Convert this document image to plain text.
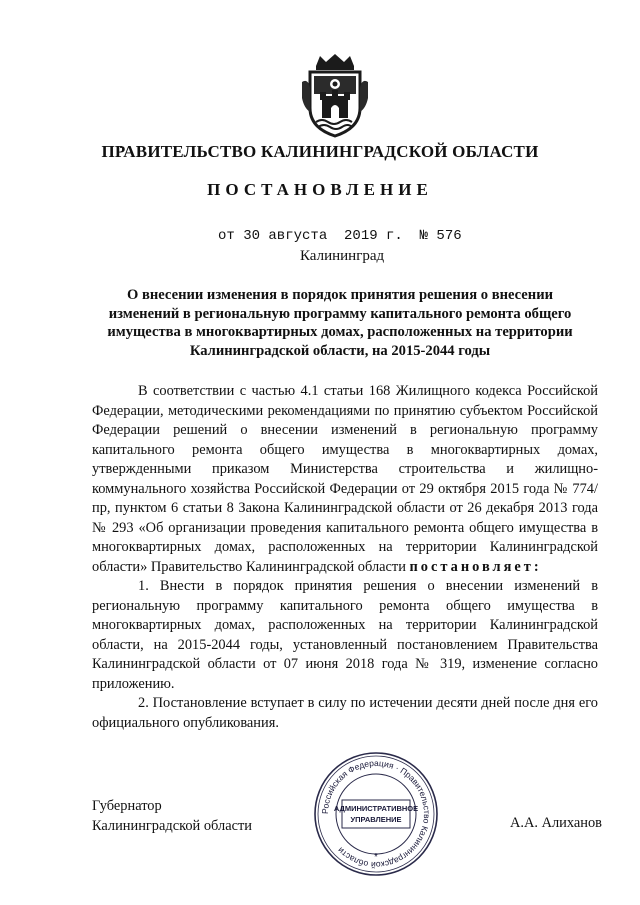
ПРАВИТЕЛЬСТВО КАЛИНИНГРАДСКОЙ ОБЛАСТИ
ПОСТАНОВЛЕНИЕ
от 30 августа  2019 г.  № 576
Калининград
О внесении изменения в порядок принятия решения о внесении изменений в региональную программу капитального ремонта общего имущества в многоквартирных домах, расположенных на территории Калининградской области, на 2015-2044 годы

В соответствии с частью 4.1 статьи 168 Жилищного кодекса Российской Федерации, методическими рекомендациями по принятию субъектом Российской Федерации решений о внесении изменений в региональную программу капитального ремонта общего имущества в многоквартирных домах, утвержденными приказом Министерства строительства и жилищно-коммунального хозяйства Российской Федерации от 29 октября 2015 года № 774/пр, пунктом 6 статьи 8 Закона Калининградской области от 26 декабря 2013 года № 293 «Об организации проведения капитального ремонта общего имущества в многоквартирных домах, расположенных на территории Калининградской области» Правительство Калининградской области постановляет:

1. Внести в порядок принятия решения о внесении изменений в региональную программу капитального ремонта общего имущества в многоквартирных домах, расположенных на территории Калининградской области, на 2015-2044 годы, установленный постановлением Правительства Калининградской области от 07 июня 2018 года № 319, изменение согласно приложению.

2. Постановление вступает в силу по истечении десяти дней после дня его официального опубликования.

Губернатор
Калининградской области	А.А. Алиханов
Российская Федерация · Правительство Калининградской области
АДМИНИСТРАТИВНОЕ
УПРАВЛЕНИЕ
*
